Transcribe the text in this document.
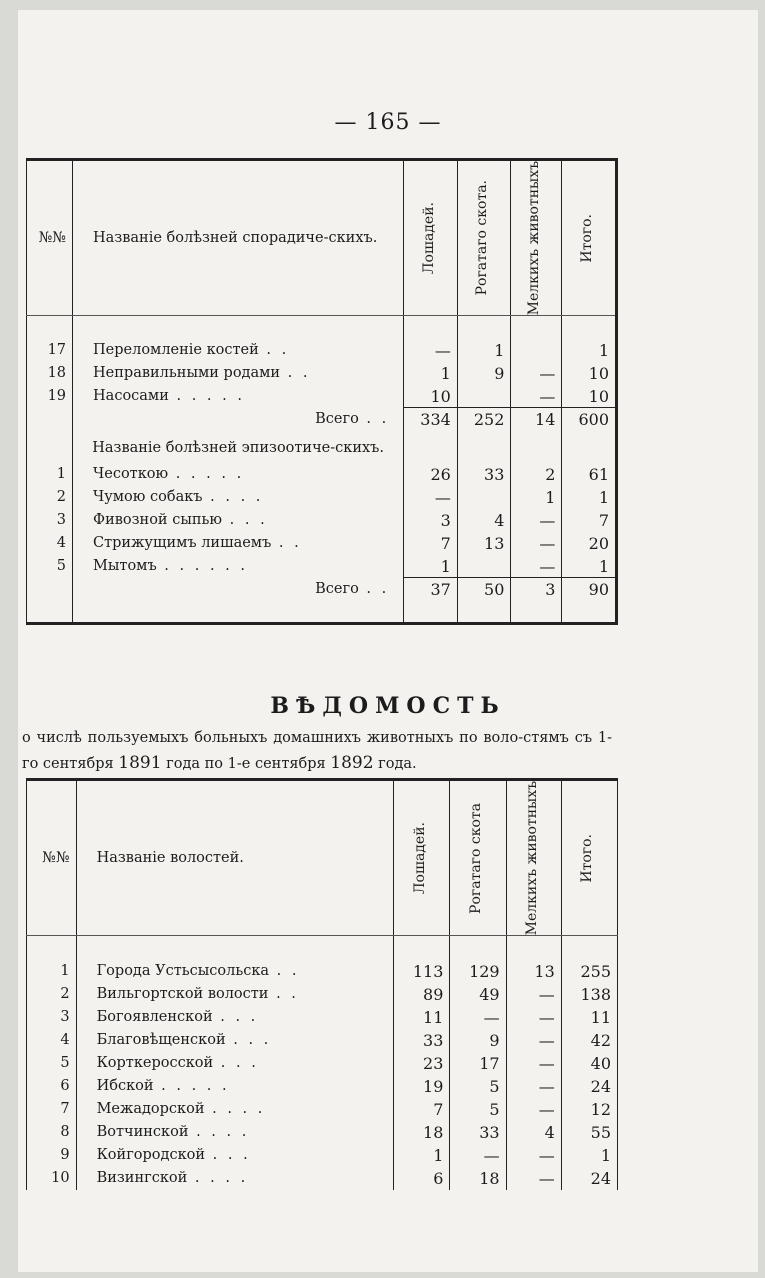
— 165 —
№№	Названіе болѣзней спорадиче-скихъ.	Лошадей.	Рогатаго скота.	Мелкихъ животныхъ	Итого.

17	Переломленіе костей . .	—	1		1
18	Неправильными родами . .	1	9	—	10
19	Насосами . . . . .	10		—	10
	Всего . .	334	252	14	600
	Названіе болѣзней эпизоотиче-скихъ.				
1	Чесоткою . . . . .	26	33	2	61
2	Чумою собакъ . . . .	—		1	1
3	Фивозной сыпью . . .	3	4	—	7
4	Стрижущимъ лишаемъ . .	7	13	—	20
5	Мытомъ . . . . . .	1		—	1
	Всего . .	37	50	3	90

ВѢДОМОСТЬ
о числѣ пользуемыхъ больныхъ домашнихъ животныхъ по воло-стямъ съ 1-го сентября 1891 года по 1-е сентября 1892 года.
№№	Названіе волостей.	Лошадей.	Рогатаго скота	Мелкихъ животныхъ	Итого.

1	Города Устьсысольска . .	113	129	13	255
2	Вильгортской волости . .	89	49	—	138
3	Богоявленской . . .	11	—	—	11
4	Благовѣщенской . . .	33	9	—	42
5	Корткеросской . . .	23	17	—	40
6	Ибской . . . . .	19	5	—	24
7	Межадорской . . . .	7	5	—	12
8	Вотчинской . . . .	18	33	4	55
9	Койгородской . . .	1	—	—	1
10	Визингской . . . .	6	18	—	24
